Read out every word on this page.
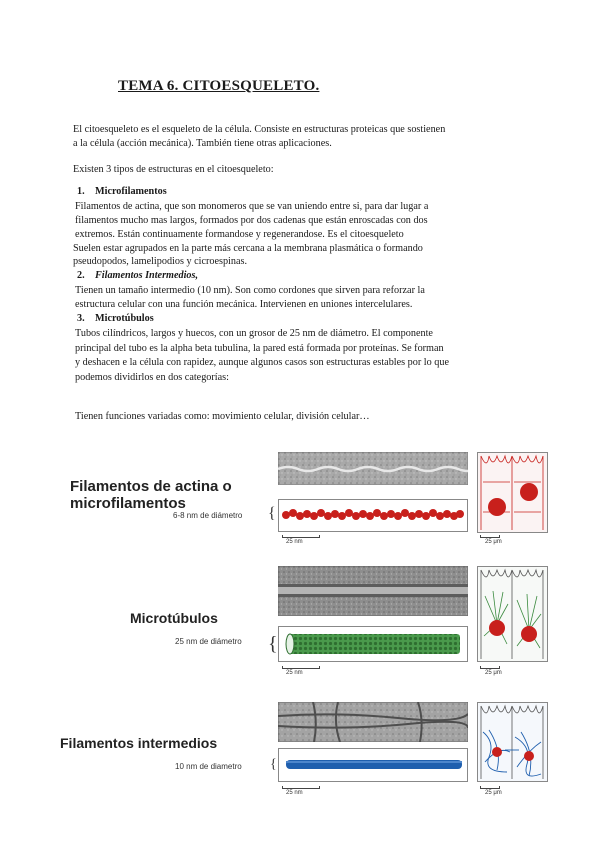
TEMA 6. CITOESQUELETO.
El citoesqueleto es el esqueleto de la célula. Consiste en estructuras proteicas que sostienen
a la célula (acción mecánica). También tiene otras aplicaciones.
Existen 3 tipos de estructuras en el citoesqueleto:
1. Microfilamentos
Filamentos de actina, que son monomeros que se van uniendo entre si, para dar lugar a
filamentos mucho mas largos, formados por dos cadenas que están enroscadas con dos
extremos. Están continuamente formandose y regenerandose. Es el citoesqueleto
Suelen estar agrupados en la parte más cercana a la membrana plasmática o formando
pseudopodos, lamelipodios y cicroespinas.
2. Filamentos Intermedios,
Tienen un tamaño intermedio (10 nm). Son como cordones que sirven para reforzar la
estructura celular con una función mecánica. Intervienen en uniones intercelulares.
3. Microtúbulos
Tubos cilíndricos, largos y huecos, con un grosor de 25 nm de diámetro. El componente
principal del tubo es la alpha beta tubulina, la pared está formada por proteínas. Se forman
y deshacen e la célula con rapidez, aunque algunos casos son estructuras estables por lo que
podemos dividirlos en dos categorías:
Tienen funciones variadas como: movimiento celular, división celular…
Filamentos de actina o
microfilamentos
6-8 nm de diámetro {
25 nm	25 μm
Microtúbulos
25 nm de diámetro {
25 nm	25 μm
Filamentos intermedios
10 nm de diametro {
25 nm	25 μm
